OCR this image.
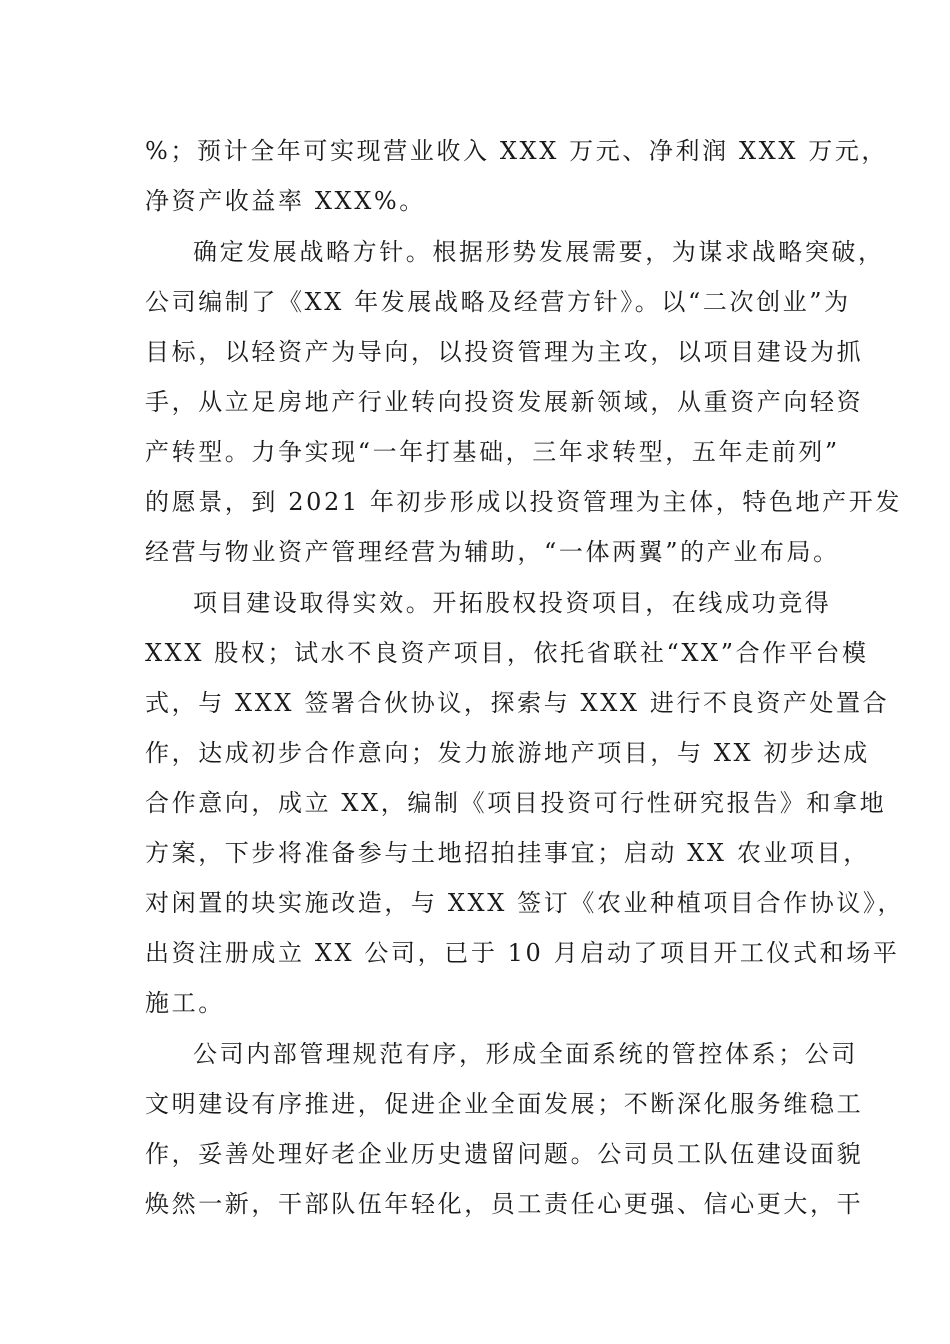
%；预计全年可实现营业收入 XXX 万元、净利润 XXX 万元，
净资产收益率 XXX%。
确定发展战略方针。根据形势发展需要，为谋求战略突破，
公司编制了《XX 年发展战略及经营方针》。以“二次创业”为
目标，以轻资产为导向，以投资管理为主攻，以项目建设为抓
手，从立足房地产行业转向投资发展新领域，从重资产向轻资
产转型。力争实现“一年打基础，三年求转型，五年走前列”
的愿景，到 2021 年初步形成以投资管理为主体，特色地产开发
经营与物业资产管理经营为辅助，“一体两翼”的产业布局。
项目建设取得实效。开拓股权投资项目，在线成功竞得
XXX 股权；试水不良资产项目，依托省联社“XX”合作平台模
式，与 XXX 签署合伙协议，探索与 XXX 进行不良资产处置合
作，达成初步合作意向；发力旅游地产项目，与 XX 初步达成
合作意向，成立 XX，编制《项目投资可行性研究报告》和拿地
方案，下步将准备参与土地招拍挂事宜；启动 XX 农业项目，
对闲置的块实施改造，与 XXX 签订《农业种植项目合作协议》，
出资注册成立 XX 公司，已于 10 月启动了项目开工仪式和场平
施工。
公司内部管理规范有序，形成全面系统的管控体系；公司
文明建设有序推进，促进企业全面发展；不断深化服务维稳工
作，妥善处理好老企业历史遗留问题。公司员工队伍建设面貌
焕然一新，干部队伍年轻化，员工责任心更强、信心更大，干
